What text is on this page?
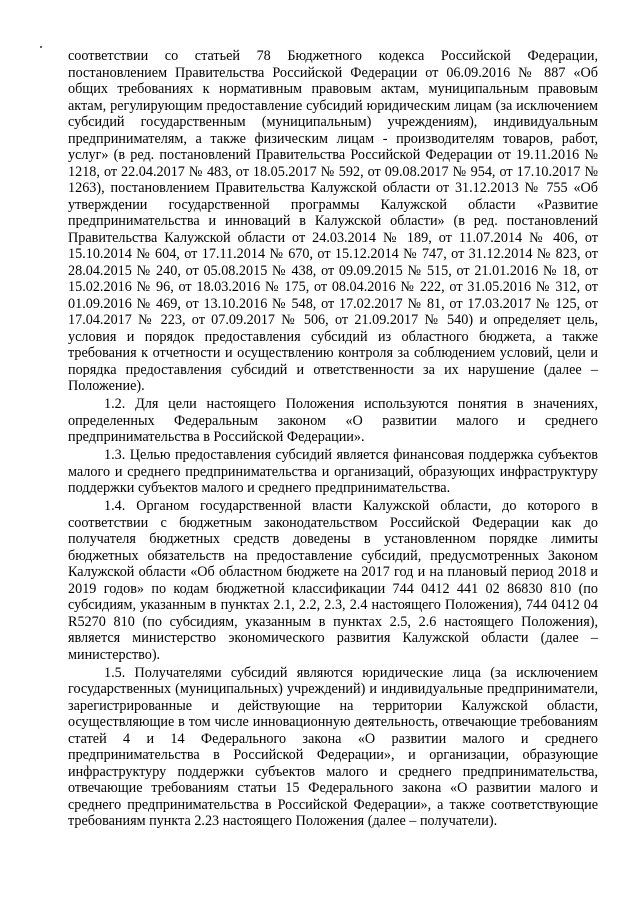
соответствии со статьей 78 Бюджетного кодекса Российской Федерации, постановлением Правительства Российской Федерации от 06.09.2016 № 887 «Об общих требованиях к нормативным правовым актам, муниципальным правовым актам, регулирующим предоставление субсидий юридическим лицам (за исключением субсидий государственным (муниципальным) учреждениям), индивидуальным предпринимателям, а также физическим лицам - производителям товаров, работ, услуг» (в ред. постановлений Правительства Российской Федерации от 19.11.2016 № 1218, от 22.04.2017 № 483, от 18.05.2017 № 592, от 09.08.2017 № 954, от 17.10.2017 № 1263), постановлением Правительства Калужской области от 31.12.2013 № 755 «Об утверждении государственной программы Калужской области «Развитие предпринимательства и инноваций в Калужской области» (в ред. постановлений Правительства Калужской области от 24.03.2014 № 189, от 11.07.2014 № 406, от 15.10.2014 № 604, от 17.11.2014 № 670, от 15.12.2014 № 747, от 31.12.2014 № 823, от 28.04.2015 № 240, от 05.08.2015 № 438, от 09.09.2015 № 515, от 21.01.2016 № 18, от 15.02.2016 № 96, от 18.03.2016 № 175, от 08.04.2016 № 222, от 31.05.2016 № 312, от 01.09.2016 № 469, от 13.10.2016 № 548, от 17.02.2017 № 81, от 17.03.2017 № 125, от 17.04.2017 № 223, от 07.09.2017 № 506, от 21.09.2017 № 540) и определяет цель, условия и порядок предоставления субсидий из областного бюджета, а также требования к отчетности и осуществлению контроля за соблюдением условий, цели и порядка предоставления субсидий и ответственности за их нарушение (далее – Положение).

1.2. Для цели настоящего Положения используются понятия в значениях, определенных Федеральным законом «О развитии малого и среднего предпринимательства в Российской Федерации».

1.3. Целью предоставления субсидий является финансовая поддержка субъектов малого и среднего предпринимательства и организаций, образующих инфраструктуру поддержки субъектов малого и среднего предпринимательства.

1.4. Органом государственной власти Калужской области, до которого в соответствии с бюджетным законодательством Российской Федерации как до получателя бюджетных средств доведены в установленном порядке лимиты бюджетных обязательств на предоставление субсидий, предусмотренных Законом Калужской области «Об областном бюджете на 2017 год и на плановый период 2018 и 2019 годов» по кодам бюджетной классификации 744 0412 441 02 86830 810 (по субсидиям, указанным в пунктах 2.1, 2.2, 2.3, 2.4 настоящего Положения), 744 0412 04 R5270 810 (по субсидиям, указанным в пунктах 2.5, 2.6 настоящего Положения), является министерство экономического развития Калужской области (далее – министерство).

1.5. Получателями субсидий являются юридические лица (за исключением государственных (муниципальных) учреждений) и индивидуальные предприниматели, зарегистрированные и действующие на территории Калужской области, осуществляющие в том числе инновационную деятельность, отвечающие требованиям статей 4 и 14 Федерального закона «О развитии малого и среднего предпринимательства в Российской Федерации», и организации, образующие инфраструктуру поддержки субъектов малого и среднего предпринимательства, отвечающие требованиям статьи 15 Федерального закона «О развитии малого и среднего предпринимательства в Российской Федерации», а также соответствующие требованиям пункта 2.23 настоящего Положения (далее – получатели).
